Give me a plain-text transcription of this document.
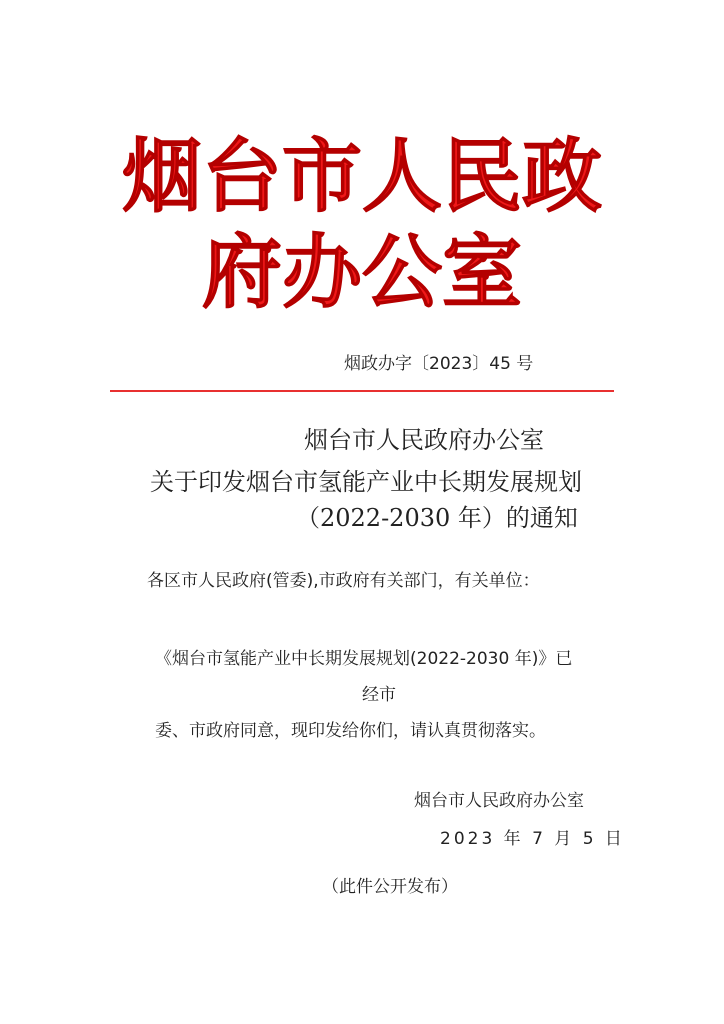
烟台市人民政
府办公室
烟政办字〔2023〕45 号
烟台市人民政府办公室
关于印发烟台市氢能产业中长期发展规划
（2022-2030 年）的通知
各区市人民政府(管委),市政府有关部门，有关单位：
《烟台市氢能产业中长期发展规划(2022-2030 年)》已
经市
委、市政府同意，现印发给你们，请认真贯彻落实。
烟台市人民政府办公室
2023 年 7 月 5 日
（此件公开发布）
